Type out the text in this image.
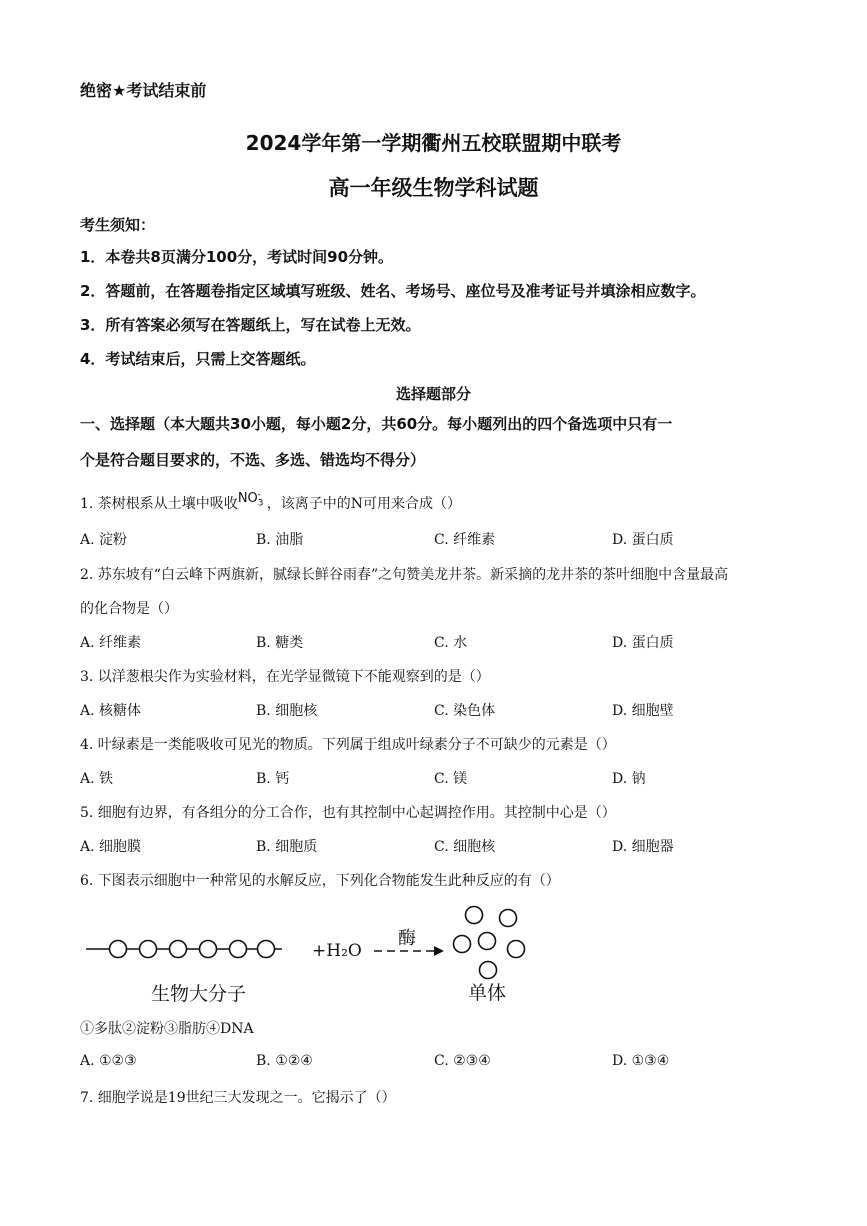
绝密★考试结束前
2024学年第一学期衢州五校联盟期中联考
高一年级生物学科试题
考生须知：
1．本卷共8页满分100分，考试时间90分钟。
2．答题前，在答题卷指定区域填写班级、姓名、考场号、座位号及准考证号并填涂相应数字。
3．所有答案必须写在答题纸上，写在试卷上无效。
4．考试结束后，只需上交答题纸。
选择题部分
一、选择题（本大题共30小题，每小题2分，共60分。每小题列出的四个备选项中只有一
个是符合题目要求的，不选、多选、错选均不得分）
1. 茶树根系从土壤中吸收$NO_3^-$，该离子中的N可用来合成（）
A. 淀粉	B. 油脂	C. 纤维素	D. 蛋白质
2. 苏东坡有“白云峰下两旗新，腻绿长鲜谷雨春”之句赞美龙井茶。新采摘的龙井茶的茶叶细胞中含量最高
的化合物是（）
A. 纤维素	B. 糖类	C. 水	D. 蛋白质
3. 以洋葱根尖作为实验材料，在光学显微镜下不能观察到的是（）
A. 核糖体	B. 细胞核	C. 染色体	D. 细胞壁
4. 叶绿素是一类能吸收可见光的物质。下列属于组成叶绿素分子不可缺少的元素是（）
A. 铁	B. 钙	C. 镁	D. 钠
5. 细胞有边界，有各组分的分工合作，也有其控制中心起调控作用。其控制中心是（）
A. 细胞膜	B. 细胞质	C. 细胞核	D. 细胞器
6. 下图表示细胞中一种常见的水解反应，下列化合物能发生此种反应的有（）
+H₂O
酶
生物大分子	单体
①多肽②淀粉③脂肪④DNA
A. ①②③	B. ①②④	C. ②③④	D. ①③④
7. 细胞学说是19世纪三大发现之一。它揭示了（）
